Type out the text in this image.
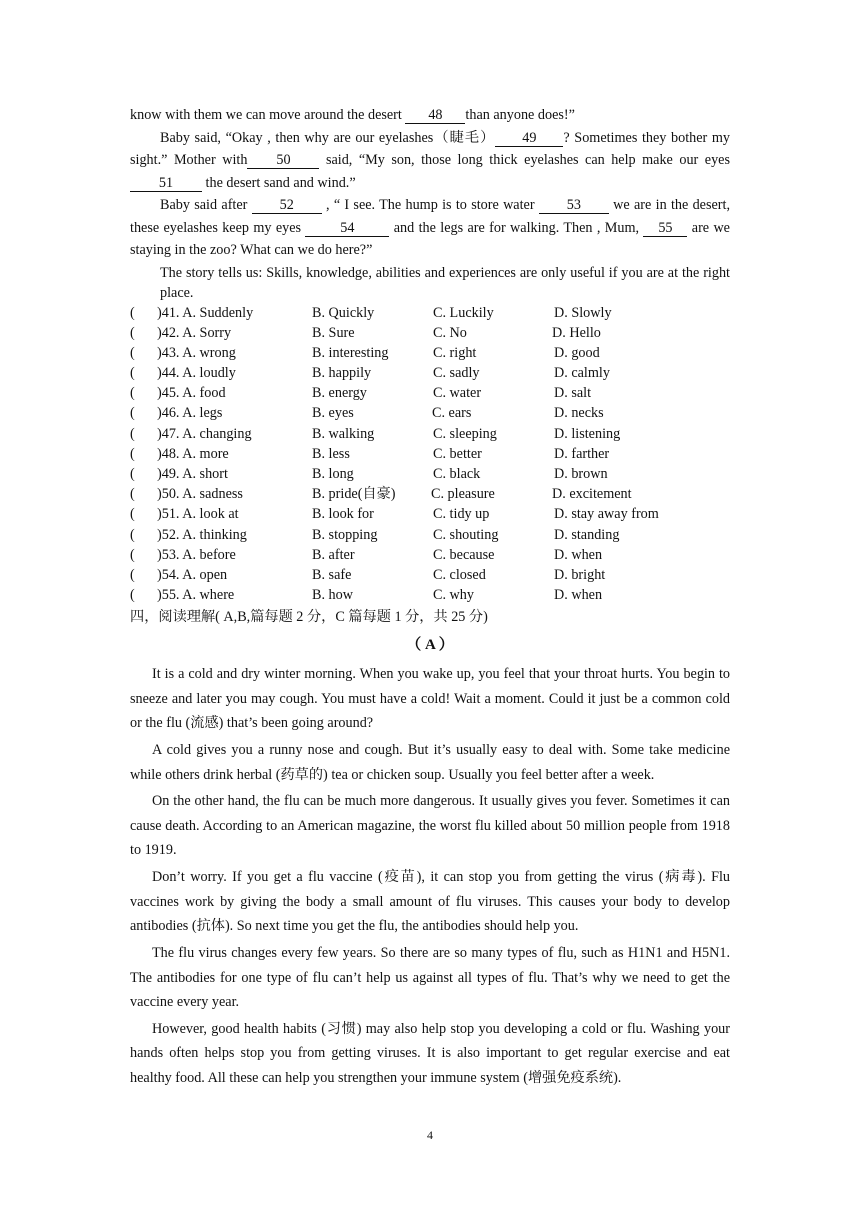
know with them we can move around the desert 48 than anyone does!”

Baby said, “Okay , then why are our eyelashes（睫毛） 49 ? Sometimes they bother my sight.” Mother with 50 said, “My son, those long thick eyelashes can help make our eyes 51 the desert sand and wind.”

Baby said after 52 , “ I see. The hump is to store water 53 we are in the desert, these eyelashes keep my eyes 54 and the legs are for walking. Then , Mum, 55 are we staying in the zoo? What can we do here?”

The story tells us: Skills, knowledge, abilities and experiences are only useful if you are at the right place.

( )41. A. Suddenly	B. Quickly	C. Luckily	D. Slowly
( )42. A. Sorry	B. Sure	C. No	D. Hello
( )43. A. wrong	B. interesting	C. right	D. good
( )44. A. loudly	B. happily	C. sadly	D. calmly
( )45. A. food	B. energy	C. water	D. salt
( )46. A. legs	B. eyes	C. ears	D. necks
( )47. A. changing	B. walking	C. sleeping	D. listening
( )48. A. more	B. less	C. better	D. farther
( )49. A. short	B. long	C. black	D. brown
( )50. A. sadness	B. pride(自豪) C. pleasure	D. excitement
( )51. A. look at	B. look for	C. tidy up	D. stay away from
( )52. A. thinking	B. stopping	C. shouting	D. standing
( )53. A. before	B. after	C. because	D. when
( )54. A. open	B. safe	C. closed	D. bright
( )55. A. where	B. how	C. why	D. when
四，阅读理解( A,B,篇每题 2 分，C 篇每题 1 分，共 25 分)
（ A ）

It is a cold and dry winter morning. When you wake up, you feel that your throat hurts. You begin to sneeze and later you may cough. You must have a cold! Wait a moment. Could it just be a common cold or the flu (流感) that’s been going around?

A cold gives you a runny nose and cough. But it’s usually easy to deal with. Some take medicine while others drink herbal (药草的) tea or chicken soup. Usually you feel better after a week.

On the other hand, the flu can be much more dangerous. It usually gives you fever. Sometimes it can cause death. According to an American magazine, the worst flu killed about 50 million people from 1918 to 1919.

Don’t worry. If you get a flu vaccine (疫苗), it can stop you from getting the virus (病毒). Flu vaccines work by giving the body a small amount of flu viruses. This causes your body to develop antibodies (抗体). So next time you get the flu, the antibodies should help you.

The flu virus changes every few years. So there are so many types of flu, such as H1N1 and H5N1. The antibodies for one type of flu can’t help us against all types of flu. That’s why we need to get the vaccine every year.

However, good health habits (习惯) may also help stop you developing a cold or flu. Washing your hands often helps stop you from getting viruses. It is also important to get regular exercise and eat healthy food. All these can help you strengthen your immune system (增强免疫系统).

4
